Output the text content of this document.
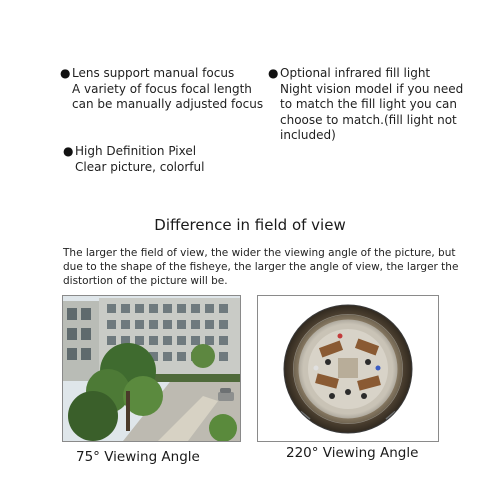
● Lens support manual focus
A variety of focus focal length
can be manually adjusted focus
● Optional infrared fill light
Night vision model if you need
to match the fill light you can
choose to match.(fill light not
included)
● High Definition Pixel
Clear picture, colorful
Difference in field of view
The larger the field of view, the wider the viewing angle of the picture, but
due to the shape of the fisheye, the larger the angle of view, the larger the
distortion of the picture will be.
75° Viewing Angle	220° Viewing Angle
